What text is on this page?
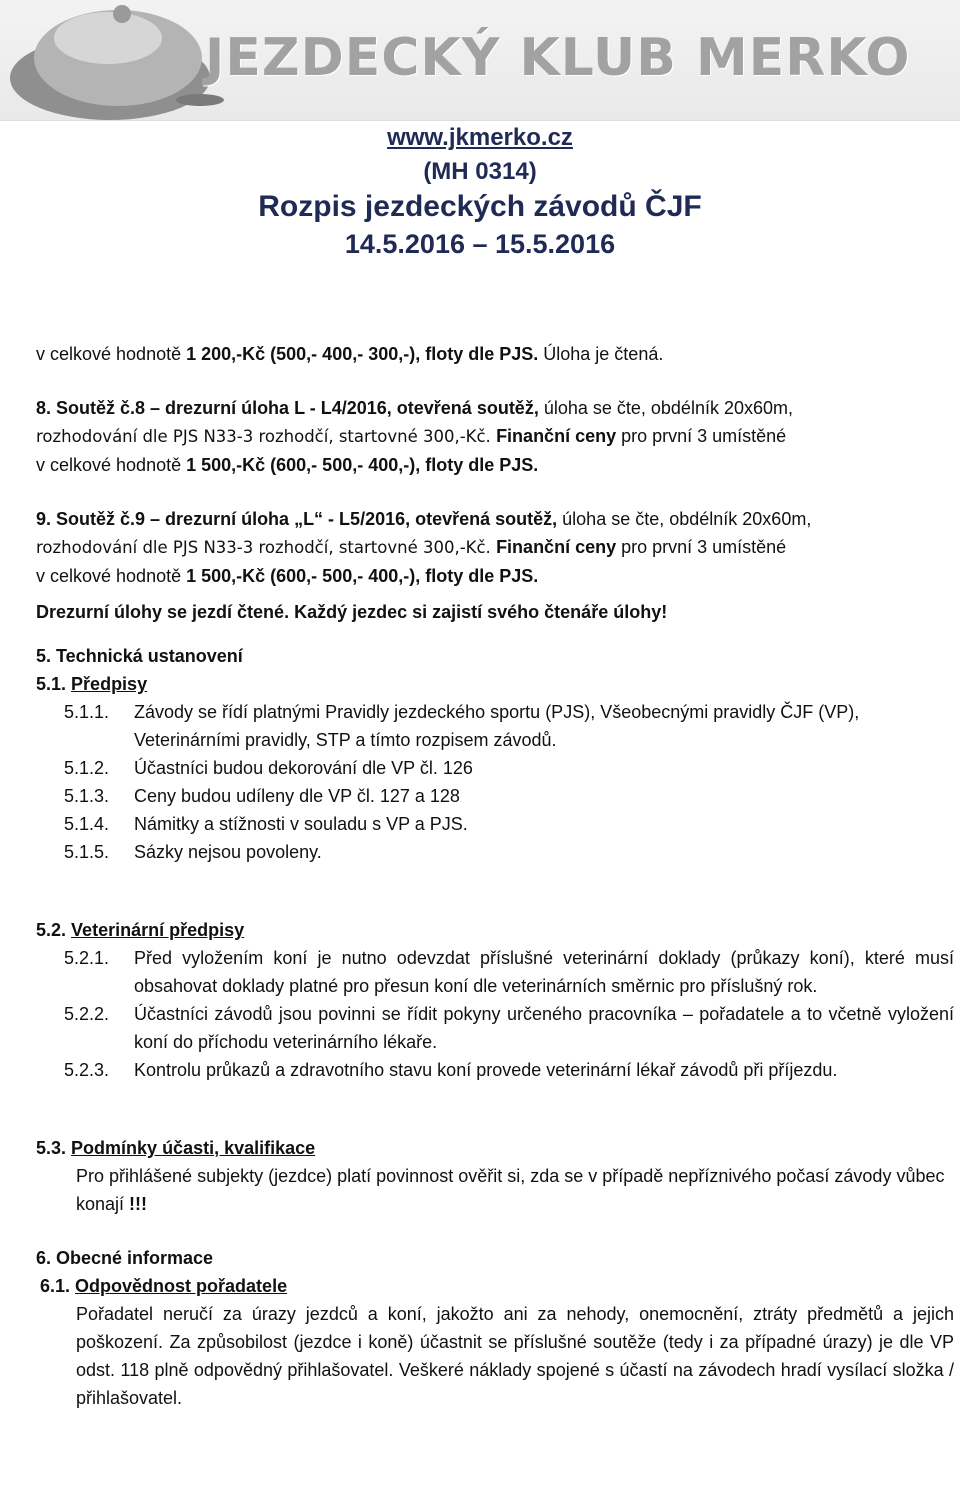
JEZDECKÝ KLUB MERKO
www.jkmerko.cz
(MH 0314)
Rozpis jezdeckých závodů ČJF
14.5.2016 – 15.5.2016

v celkové hodnotě 1 200,-Kč (500,- 400,- 300,-), floty dle PJS. Úloha je čtená.

8. Soutěž č.8 – drezurní úloha L - L4/2016, otevřená soutěž, úloha se čte, obdélník 20x60m,

rozhodování dle PJS N33-3 rozhodčí, startovné 300,-Kč. Finanční ceny pro první 3 umístěné

v celkové hodnotě 1 500,-Kč (600,- 500,- 400,-), floty dle PJS.

9. Soutěž č.9 – drezurní úloha „L“ - L5/2016, otevřená soutěž, úloha se čte, obdélník 20x60m,

rozhodování dle PJS N33-3 rozhodčí, startovné 300,-Kč. Finanční ceny pro první 3 umístěné

v celkové hodnotě 1 500,-Kč (600,- 500,- 400,-), floty dle PJS.

Drezurní úlohy se jezdí čtené. Každý jezdec si zajistí svého čtenáře úlohy!

5. Technická ustanovení

5.1. Předpisy

5.1.1.	Závody se řídí platnými Pravidly jezdeckého sportu (PJS), Všeobecnými pravidly ČJF (VP), Veterinárními pravidly, STP a tímto rozpisem závodů.
5.1.2.	Účastníci budou dekorování dle VP čl. 126
5.1.3.	Ceny budou udíleny dle VP čl. 127 a 128
5.1.4.	Námitky a stížnosti v souladu s VP a PJS.
5.1.5.	Sázky nejsou povoleny.

5.2. Veterinární předpisy

5.2.1.	Před vyložením koní je nutno odevzdat příslušné veterinární doklady (průkazy koní), které musí obsahovat doklady platné pro přesun koní dle veterinárních směrnic pro příslušný rok.
5.2.2.	Účastníci závodů jsou povinni se řídit pokyny určeného pracovníka – pořadatele a to včetně vyložení koní do příchodu veterinárního lékaře.
5.2.3.	Kontrolu průkazů a zdravotního stavu koní provede veterinární lékař závodů při příjezdu.

5.3. Podmínky účasti, kvalifikace

Pro přihlášené subjekty (jezdce) platí povinnost ověřit si, zda se v případě nepříznivého počasí závody vůbec konají !!!

6. Obecné informace

6.1. Odpovědnost pořadatele

Pořadatel neručí za úrazy jezdců a koní, jakožto ani za nehody, onemocnění, ztráty předmětů a jejich poškození. Za způsobilost (jezdce i koně) účastnit se příslušné soutěže (tedy i za případné úrazy) je dle VP odst. 118 plně odpovědný přihlašovatel. Veškeré náklady spojené s účastí na závodech hradí vysílací složka / přihlašovatel.
